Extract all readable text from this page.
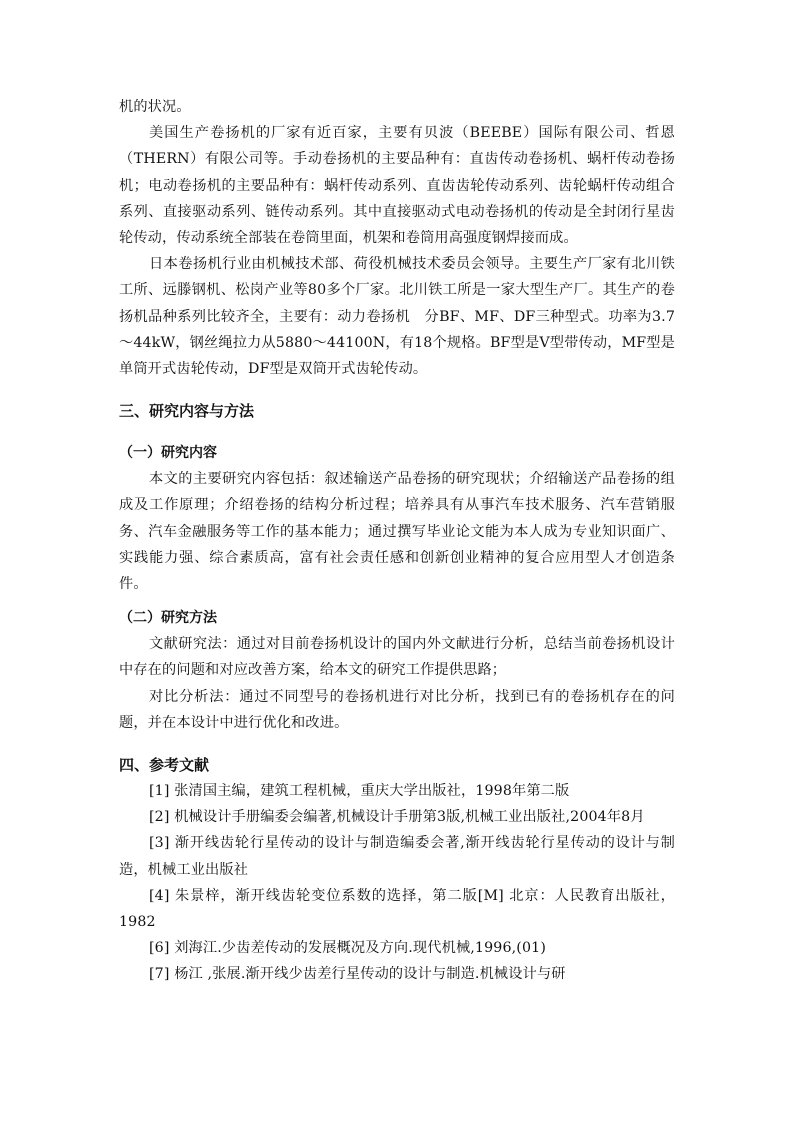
机的状况。

美国生产卷扬机的厂家有近百家，主要有贝波（BEEBE）国际有限公司、哲恩（THERN）有限公司等。手动卷扬机的主要品种有：直齿传动卷扬机、蜗杆传动卷扬机；电动卷扬机的主要品种有：蜗杆传动系列、直齿齿轮传动系列、齿轮蜗杆传动组合系列、直接驱动系列、链传动系列。其中直接驱动式电动卷扬机的传动是全封闭行星齿轮传动，传动系统全部装在卷筒里面，机架和卷筒用高强度钢焊接而成。

日本卷扬机行业由机械技术部、荷役机械技术委员会领导。主要生产厂家有北川铁工所、远滕钢机、松岗产业等80多个厂家。北川铁工所是一家大型生产厂。其生产的卷扬机品种系列比较齐全，主要有：动力卷扬机　分BF、MF、DF三种型式。功率为3.7～44kW，钢丝绳拉力从5880～44100N，有18个规格。BF型是V型带传动，MF型是单筒开式齿轮传动，DF型是双筒开式齿轮传动。

三、研究内容与方法
（一）研究内容

本文的主要研究内容包括：叙述输送产品卷扬的研究现状；介绍输送产品卷扬的组成及工作原理；介绍卷扬的结构分析过程；培养具有从事汽车技术服务、汽车营销服务、汽车金融服务等工作的基本能力；通过撰写毕业论文能为本人成为专业知识面广、实践能力强、综合素质高，富有社会责任感和创新创业精神的复合应用型人才创造条件。

（二）研究方法

文献研究法：通过对目前卷扬机设计的国内外文献进行分析，总结当前卷扬机设计中存在的问题和对应改善方案，给本文的研究工作提供思路；

对比分析法：通过不同型号的卷扬机进行对比分析，找到已有的卷扬机存在的问题，并在本设计中进行优化和改进。

四、参考文献

[1] 张清国主编，建筑工程机械，重庆大学出版社，1998年第二版

[2] 机械设计手册编委会编著,机械设计手册第3版,机械工业出版社,2004年8月

[3] 渐开线齿轮行星传动的设计与制造编委会著,渐开线齿轮行星传动的设计与制造，机械工业出版社

[4] 朱景梓，渐开线齿轮变位系数的选择，第二版[M] 北京：人民教育出版社，1982

[6] 刘海江.少齿差传动的发展概况及方向.现代机械,1996,(01)

[7] 杨江 ,张展.渐开线少齿差行星传动的设计与制造.机械设计与研
